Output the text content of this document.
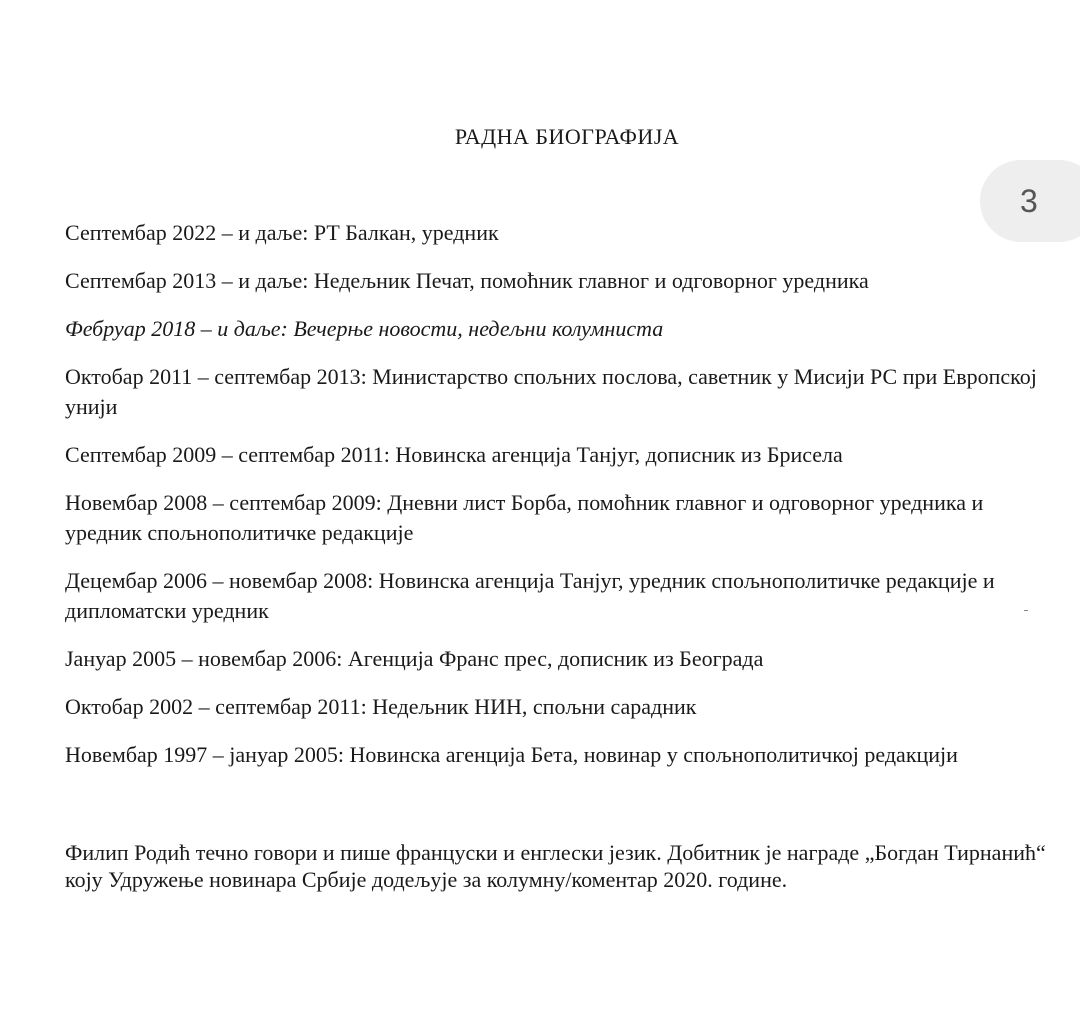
РАДНА БИОГРАФИЈА
3
Септембар 2022 – и даље: РТ Балкан, уредник
Септембар 2013 – и даље: Недељник Печат, помоћник главног и одговорног уредника
Фебруар 2018 – и даље: Вечерње новости, недељни колумниста
Октобар 2011 – септембар 2013: Министарство спољних послова, саветник у Мисији РС при Европској унији
Септембар 2009 – септембар 2011: Новинска агенција Танјуг, дописник из Брисела
Новембар 2008 – септембар 2009: Дневни лист Борба, помоћник главног и одговорног уредника и уредник спољнополитичке редакције
Децембар 2006 – новембар 2008: Новинска агенција Танјуг, уредник спољнополитичке редакције и дипломатски уредник
Јануар 2005 – новембар 2006: Агенција Франс прес, дописник из Београда
Октобар 2002 – септембар 2011: Недељник НИН, спољни сарадник
Новембар 1997 – јануар 2005: Новинска агенција Бета, новинар у спољнополитичкој редакцији

Филип Родић течно говори и пише француски и енглески језик. Добитник је награде „Богдан Тирнанић“ коју Удружење новинара Србије додељује за колумну/коментар 2020. године.
